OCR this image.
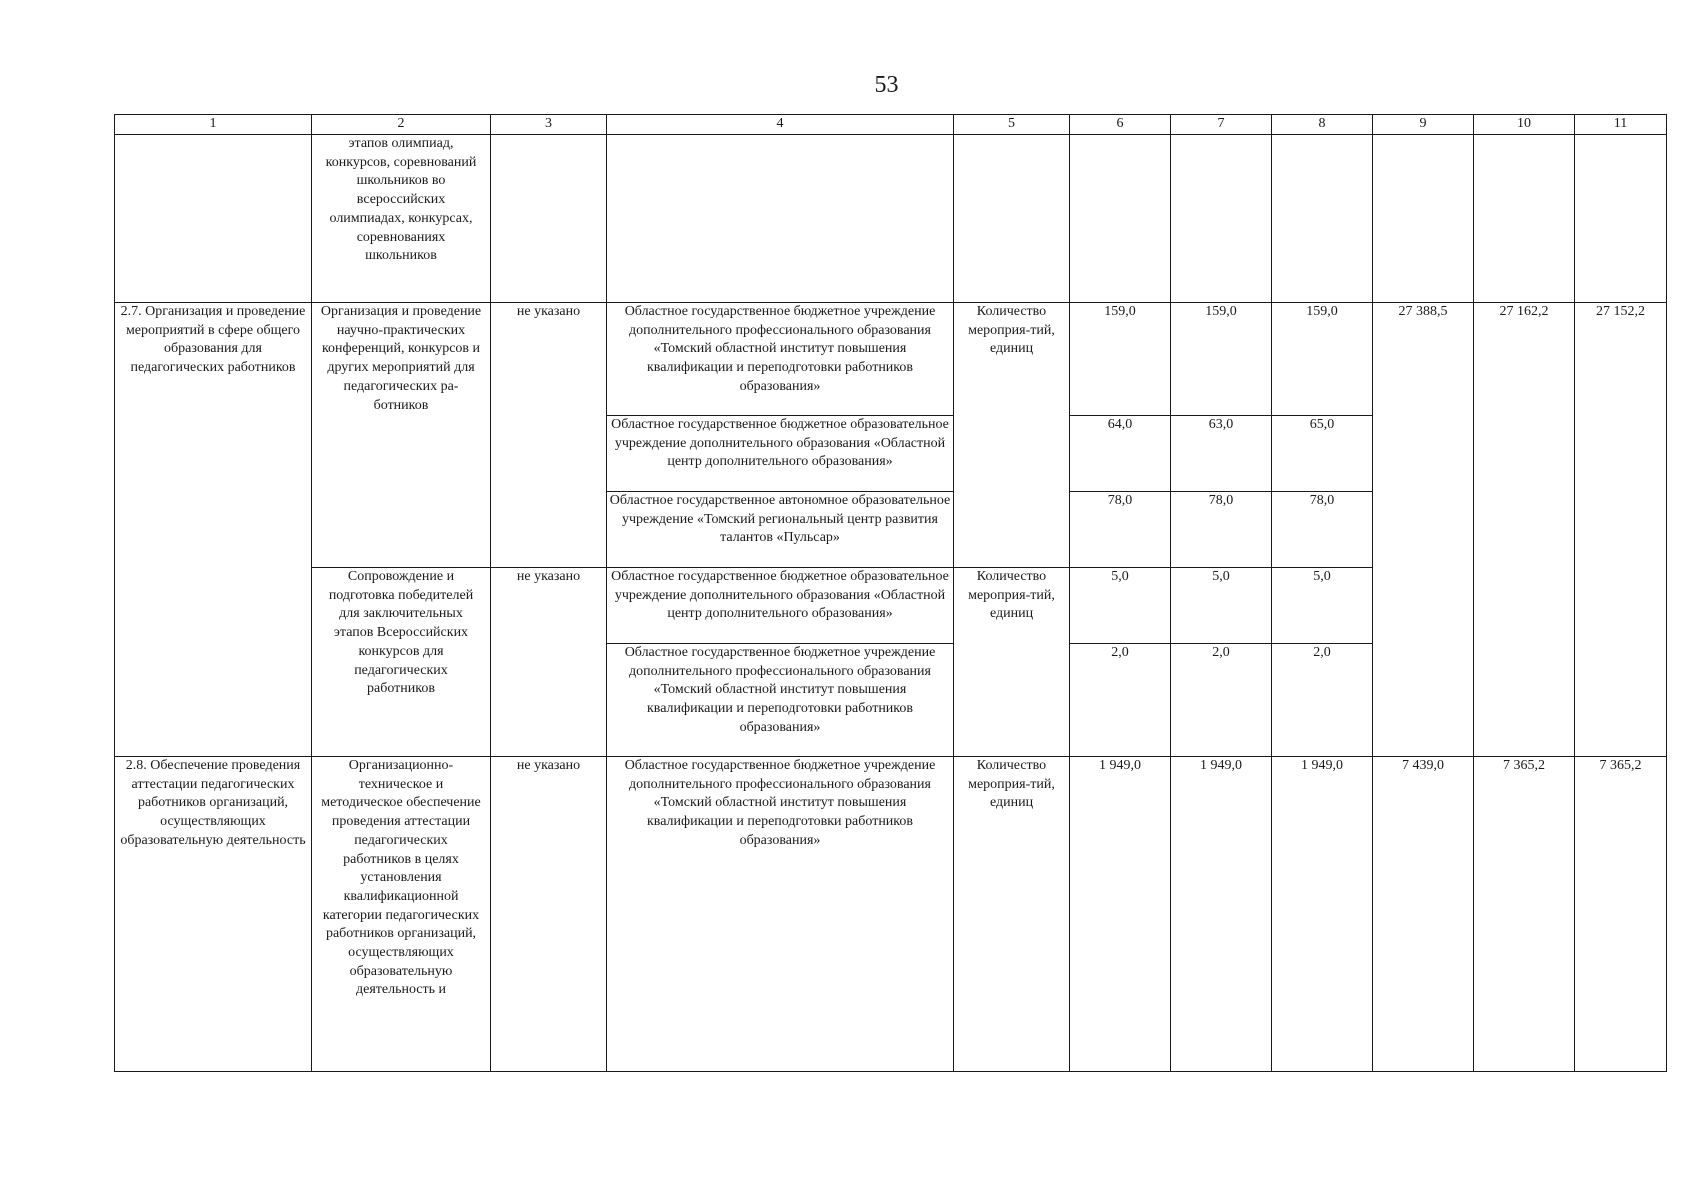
53
1	2	3	4	5	6	7	8	9	10	11
	этапов олимпиад, конкурсов, соревнований школьников во всероссийских олимпиадах, конкурсах, соревнованиях школьников									
2.7. Организация и проведение мероприятий в сфере общего образования для педагогических работников	Организация и проведение научно-практических конференций, конкурсов и других мероприятий для педагогических ра-ботников	не указано	Областное государственное бюджетное учреждение дополнительного профессионального образования «Томский областной институт повышения квалификации и переподготовки работников образования»	Количество мероприя-тий, единиц	159,0	159,0	159,0	27 388,5	27 162,2	27 152,2
			Областное государственное бюджетное образовательное учреждение дополнительного образования «Областной центр дополнительного образования»		64,0	63,0	65,0			
			Областное государственное автономное образовательное учреждение «Томский региональный центр развития талантов «Пульсар»		78,0	78,0	78,0			
	Сопровождение и подготовка победителей для заключительных этапов Всероссийских конкурсов для педагогических работников	не указано	Областное государственное бюджетное образовательное учреждение дополнительного образования «Областной центр дополнительного образования»	Количество мероприя-тий, единиц	5,0	5,0	5,0			
			Областное государственное бюджетное учреждение дополнительного профессионального образования «Томский областной институт повышения квалификации и переподготовки работников образования»		2,0	2,0	2,0			
2.8. Обеспечение проведения аттестации педагогических работников организаций, осуществляющих образовательную деятельность	Организационно-техническое и методическое обеспечение проведения аттестации педагогических работников в целях установления квалификационной категории педагогических работников организаций, осуществляющих образовательную деятельность и	не указано	Областное государственное бюджетное учреждение дополнительного профессионального образования «Томский областной институт повышения квалификации и переподготовки работников образования»	Количество мероприя-тий, единиц	1 949,0	1 949,0	1 949,0	7 439,0	7 365,2	7 365,2
